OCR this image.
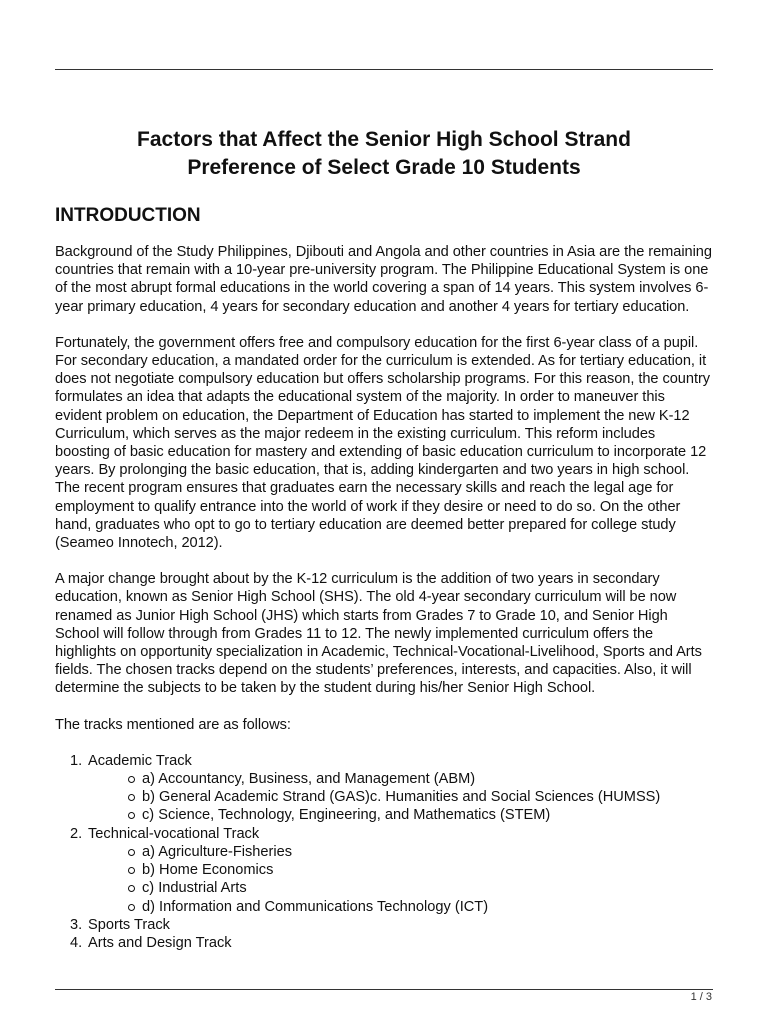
Factors that Affect the Senior High School Strand
Preference of Select Grade 10 Students
INTRODUCTION

Background of the Study Philippines, Djibouti and Angola and other countries in Asia are the remaining countries that remain with a 10-year pre-university program. The Philippine Educational System is one of the most abrupt formal educations in the world covering a span of 14 years. This system involves 6-year primary education, 4 years for secondary education and another 4 years for tertiary education.

Fortunately, the government offers free and compulsory education for the first 6-year class of a pupil. For secondary education, a mandated order for the curriculum is extended. As for tertiary education, it does not negotiate compulsory education but offers scholarship programs. For this reason, the country formulates an idea that adapts the educational system of the majority. In order to maneuver this evident problem on education, the Department of Education has started to implement the new K-12 Curriculum, which serves as the major redeem in the existing curriculum. This reform includes boosting of basic education for mastery and extending of basic education curriculum to incorporate 12 years. By prolonging the basic education, that is, adding kindergarten and two years in high school. The recent program ensures that graduates earn the necessary skills and reach the legal age for employment to qualify entrance into the world of work if they desire or need to do so. On the other hand, graduates who opt to go to tertiary education are deemed better prepared for college study (Seameo Innotech, 2012).

A major change brought about by the K-12 curriculum is the addition of two years in secondary education, known as Senior High School (SHS). The old 4-year secondary curriculum will be now renamed as Junior High School (JHS) which starts from Grades 7 to Grade 10, and Senior High School will follow through from Grades 11 to 12. The newly implemented curriculum offers the highlights on opportunity specialization in Academic, Technical-Vocational-Livelihood, Sports and Arts fields. The chosen tracks depend on the students’ preferences, interests, and capacities. Also, it will determine the subjects to be taken by the student during his/her Senior High School.

The tracks mentioned are as follows:

1. Academic Track
a) Accountancy, Business, and Management (ABM)
b) General Academic Strand (GAS)c. Humanities and Social Sciences (HUMSS)
c) Science, Technology, Engineering, and Mathematics (STEM)
2. Technical-vocational Track
a) Agriculture-Fisheries
b) Home Economics
c) Industrial Arts
d) Information and Communications Technology (ICT)
3. Sports Track
4. Arts and Design Track
1 / 3
